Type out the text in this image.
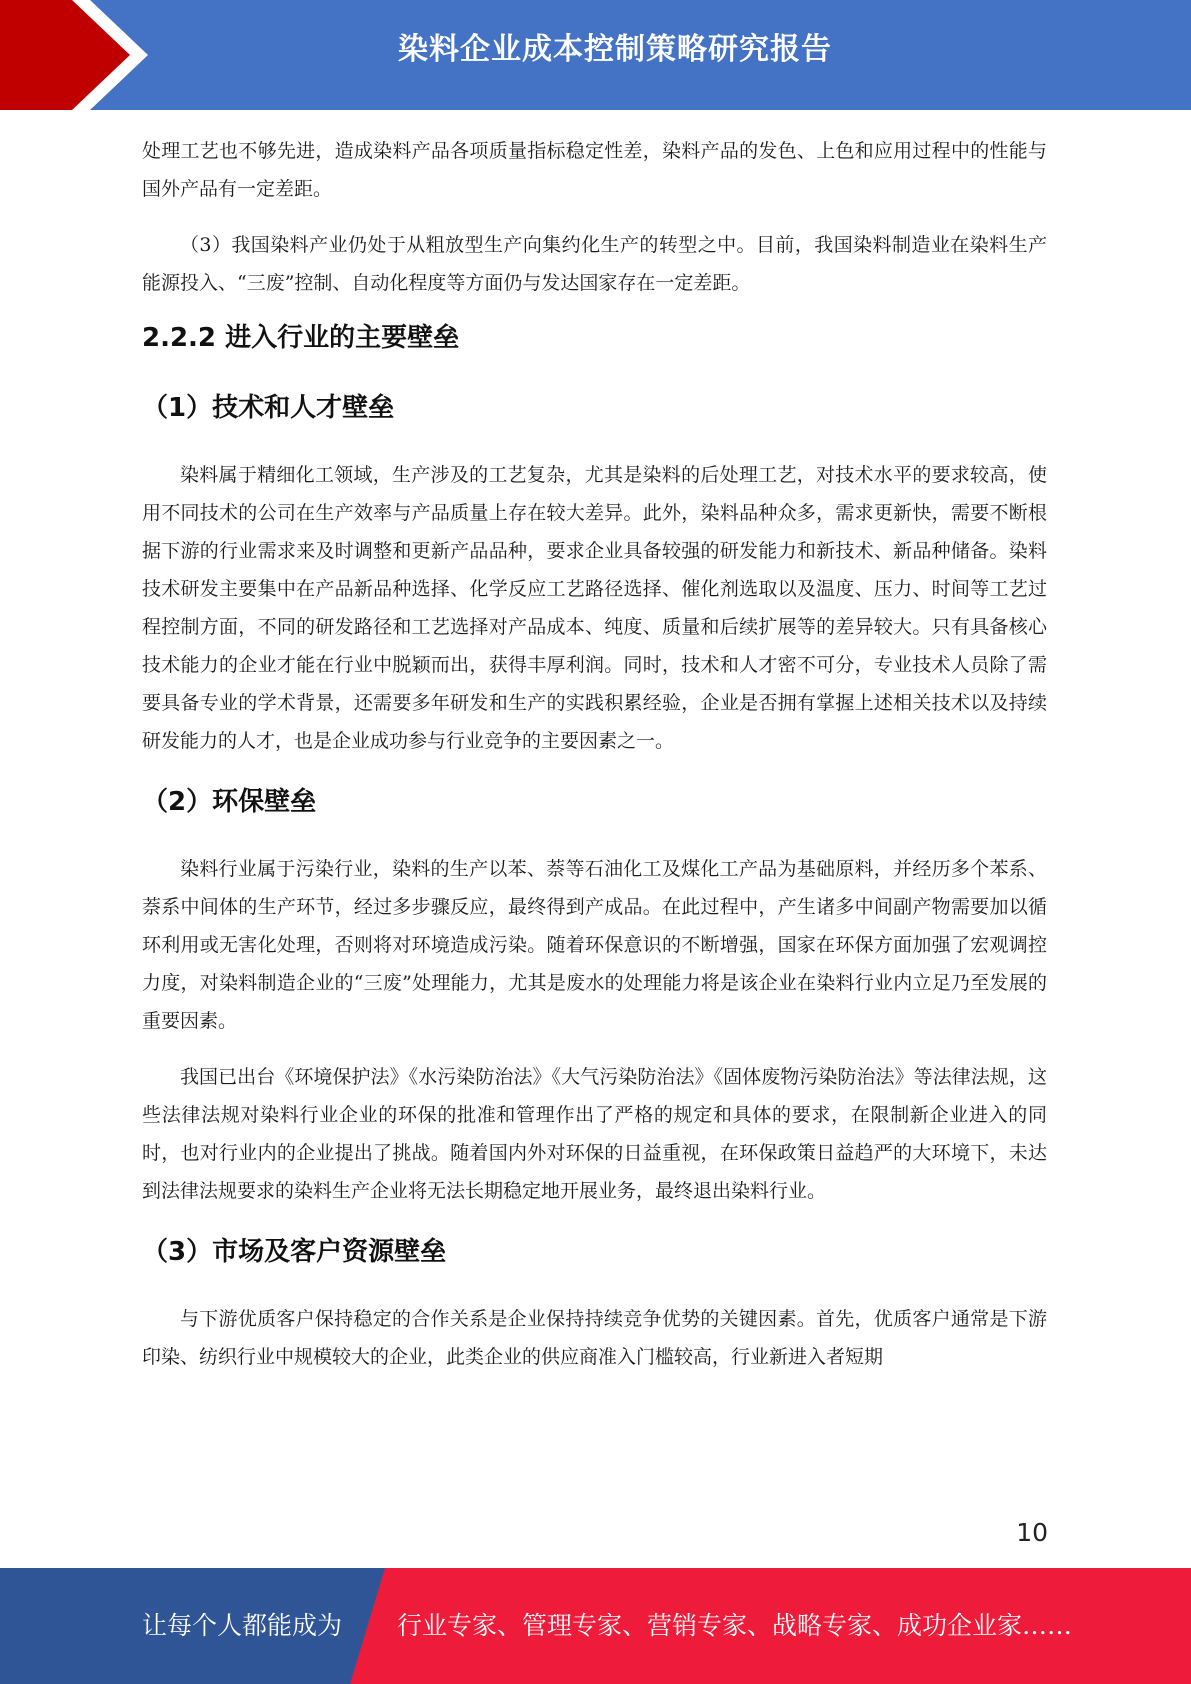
染料企业成本控制策略研究报告

处理工艺也不够先进，造成染料产品各项质量指标稳定性差，染料产品的发色、上色和应用过程中的性能与国外产品有一定差距。

（3）我国染料产业仍处于从粗放型生产向集约化生产的转型之中。目前，我国染料制造业在染料生产能源投入、“三废”控制、自动化程度等方面仍与发达国家存在一定差距。

2.2.2 进入行业的主要壁垒
（1）技术和人才壁垒

染料属于精细化工领域，生产涉及的工艺复杂，尤其是染料的后处理工艺，对技术水平的要求较高，使用不同技术的公司在生产效率与产品质量上存在较大差异。此外，染料品种众多，需求更新快，需要不断根据下游的行业需求来及时调整和更新产品品种，要求企业具备较强的研发能力和新技术、新品种储备。染料技术研发主要集中在产品新品种选择、化学反应工艺路径选择、催化剂选取以及温度、压力、时间等工艺过程控制方面，不同的研发路径和工艺选择对产品成本、纯度、质量和后续扩展等的差异较大。只有具备核心技术能力的企业才能在行业中脱颖而出，获得丰厚利润。同时，技术和人才密不可分，专业技术人员除了需要具备专业的学术背景，还需要多年研发和生产的实践积累经验，企业是否拥有掌握上述相关技术以及持续研发能力的人才，也是企业成功参与行业竞争的主要因素之一。

（2）环保壁垒

染料行业属于污染行业，染料的生产以苯、萘等石油化工及煤化工产品为基础原料，并经历多个苯系、萘系中间体的生产环节，经过多步骤反应，最终得到产成品。在此过程中，产生诸多中间副产物需要加以循环利用或无害化处理，否则将对环境造成污染。随着环保意识的不断增强，国家在环保方面加强了宏观调控力度，对染料制造企业的“三废”处理能力，尤其是废水的处理能力将是该企业在染料行业内立足乃至发展的重要因素。

我国已出台《环境保护法》《水污染防治法》《大气污染防治法》《固体废物污染防治法》等法律法规，这些法律法规对染料行业企业的环保的批准和管理作出了严格的规定和具体的要求，在限制新企业进入的同时，也对行业内的企业提出了挑战。随着国内外对环保的日益重视，在环保政策日益趋严的大环境下，未达到法律法规要求的染料生产企业将无法长期稳定地开展业务，最终退出染料行业。

（3）市场及客户资源壁垒

与下游优质客户保持稳定的合作关系是企业保持持续竞争优势的关键因素。首先，优质客户通常是下游印染、纺织行业中规模较大的企业，此类企业的供应商准入门槛较高，行业新进入者短期

10
让每个人都能成为 行业专家、管理专家、营销专家、战略专家、成功企业家……
